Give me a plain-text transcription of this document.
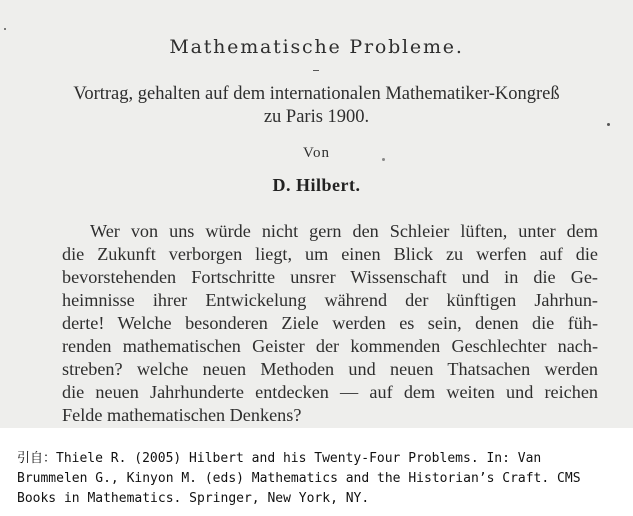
Mathematische Probleme.
Vortrag, gehalten auf dem internationalen Mathematiker-Kongreß
zu Paris 1900.
Von
D. Hilbert.
Wer von uns würde nicht gern den Schleier lüften, unter dem
die Zukunft verborgen liegt, um einen Blick zu werfen auf die
bevorstehenden Fortschritte unsrer Wissenschaft und in die Ge-
heimnisse ihrer Entwickelung während der künftigen Jahrhun-
derte! Welche besonderen Ziele werden es sein, denen die füh-
renden mathematischen Geister der kommenden Geschlechter nach-
streben? welche neuen Methoden und neuen Thatsachen werden
die neuen Jahrhunderte entdecken — auf dem weiten und reichen
Felde mathematischen Denkens?
引自：Thiele R. (2005) Hilbert and his Twenty-Four Problems. In: Van
Brummelen G., Kinyon M. (eds) Mathematics and the Historian’s Craft. CMS
Books in Mathematics. Springer, New York, NY.
